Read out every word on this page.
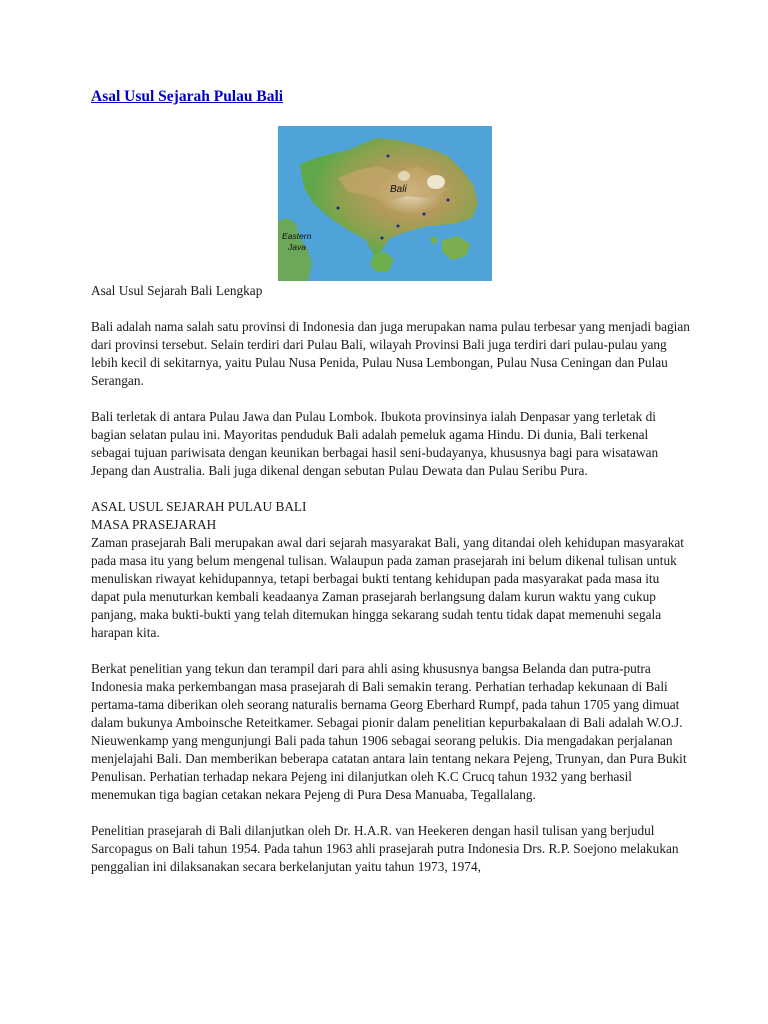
Asal Usul Sejarah Pulau Bali
Bali
Eastern
Java

Asal Usul Sejarah Bali Lengkap

Bali adalah nama salah satu provinsi di Indonesia dan juga merupakan nama pulau terbesar yang menjadi bagian dari provinsi tersebut. Selain terdiri dari Pulau Bali, wilayah Provinsi Bali juga terdiri dari pulau-pulau yang lebih kecil di sekitarnya, yaitu Pulau Nusa Penida, Pulau Nusa Lembongan, Pulau Nusa Ceningan dan Pulau Serangan.

Bali terletak di antara Pulau Jawa dan Pulau Lombok. Ibukota provinsinya ialah Denpasar yang terletak di bagian selatan pulau ini. Mayoritas penduduk Bali adalah pemeluk agama Hindu. Di dunia, Bali terkenal sebagai tujuan pariwisata dengan keunikan berbagai hasil seni-budayanya, khususnya bagi para wisatawan Jepang dan Australia. Bali juga dikenal dengan sebutan Pulau Dewata dan Pulau Seribu Pura.

ASAL USUL SEJARAH PULAU BALI

MASA PRASEJARAH

Zaman prasejarah Bali merupakan awal dari sejarah masyarakat Bali, yang ditandai oleh kehidupan masyarakat pada masa itu yang belum mengenal tulisan. Walaupun pada zaman prasejarah ini belum dikenal tulisan untuk menuliskan riwayat kehidupannya, tetapi berbagai bukti tentang kehidupan pada masyarakat pada masa itu dapat pula menuturkan kembali keadaanya Zaman prasejarah berlangsung dalam kurun waktu yang cukup panjang, maka bukti-bukti yang telah ditemukan hingga sekarang sudah tentu tidak dapat memenuhi segala harapan kita.

Berkat penelitian yang tekun dan terampil dari para ahli asing khususnya bangsa Belanda dan putra-putra Indonesia maka perkembangan masa prasejarah di Bali semakin terang. Perhatian terhadap kekunaan di Bali pertama-tama diberikan oleh seorang naturalis bernama Georg Eberhard Rumpf, pada tahun 1705 yang dimuat dalam bukunya Amboinsche Reteitkamer. Sebagai pionir dalam penelitian kepurbakalaan di Bali adalah W.O.J. Nieuwenkamp yang mengunjungi Bali pada tahun 1906 sebagai seorang pelukis. Dia mengadakan perjalanan menjelajahi Bali. Dan memberikan beberapa catatan antara lain tentang nekara Pejeng, Trunyan, dan Pura Bukit Penulisan. Perhatian terhadap nekara Pejeng ini dilanjutkan oleh K.C Crucq tahun 1932 yang berhasil menemukan tiga bagian cetakan nekara Pejeng di Pura Desa Manuaba, Tegallalang.

Penelitian prasejarah di Bali dilanjutkan oleh Dr. H.A.R. van Heekeren dengan hasil tulisan yang berjudul Sarcopagus on Bali tahun 1954. Pada tahun 1963 ahli prasejarah putra Indonesia Drs. R.P. Soejono melakukan penggalian ini dilaksanakan secara berkelanjutan yaitu tahun 1973, 1974,
